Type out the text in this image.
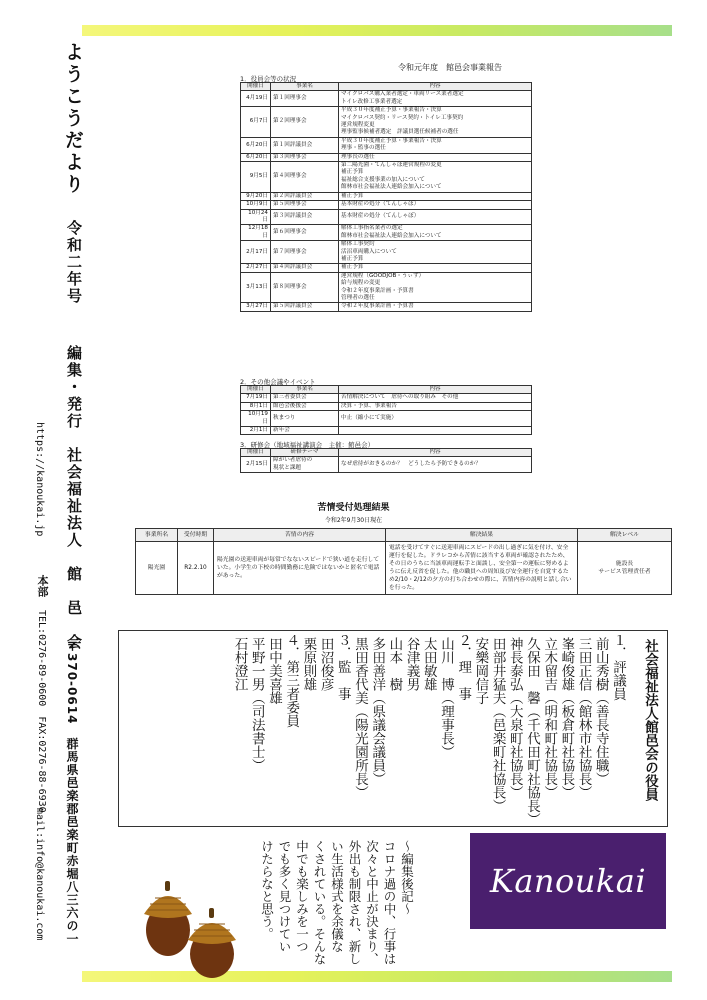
ようこうだより
令和二年号
編集・発行　社会福祉法人　館　邑　会
https://kanoukai.jp
本部
〒370-0614　群馬県邑楽郡邑楽町赤堀八三六の一
TEL:0276-89-0600　FAX:0276-88-6930
mail:info@kanoukai.com
令和元年度　館邑会事業報告
1．役員会等の状況
開催日	事業名	内容
4月19日	第１回理事会	マイクロバス購入業者選定・車両リース業者選定
トイレ改修工事業者選定

6月7日	第２回理事会	平成３０年度補正予算・事業報告・決算
マイクロバス契約・リース契約・トイレ工事契約
運営規程変更
理事監事候補者選定　評議員選任候補者の選任

6月20日	第１回評議員会	平成３０年度補正予算・事業報告・決算
理事・監事の選任

6月20日	第３回理事会	理事長の選任

9月5日	第４回理事会	第二陽光園・てんしゃぼ運営規程の変更
補正予算
福祉総合支援事業の加入について
館林市社会福祉法人連絡会加入について

9月20日	第２回評議員会	補正予算

10月9日	第５回理事会	基本財産の処分（てんしゃぼ）

10月24日	第３回評議員会	基本財産の処分（てんしゃぼ）

12月18日	第６回理事会	解体工事指名業者の選定
館林市社会福祉法人連絡会加入について

2月17日	第７回理事会	解体工事契約
活沼車両購入について
補正予算

2月27日	第４回評議員会	補正予算

3月13日	第８回理事会	運営規程（GOODJOB・うぃず）
給与規程の変更
令和２年度事業計画・予算書
管理者の選任

3月27日	第５回評議員会	令和２年度事業計画・予算書
2．その他会議やイベント
開催日	事業名	内容
7月19日	第三者委員会	苦情解決について　虐待への取り組み　その他
8月1日	館邑会後援会	決算・予算、事業報告
10月19日	秋まつり	中止（縮小にて実施）
2月1日	新年会	
3．研修会（地域福祉講演会　主催：館邑会）
開催日	研修テーマ	内容
2月15日	障がい者虐待の
現状と課題	なぜ虐待がおきるのか？　どうしたら予防できるのか？
苦情受付処理結果
令和2年9月30日現在
事業所名	受付時期	苦情の内容	解決結果	解決レベル
陽光園	R2.2.10	陽光園の送迎車両が毎常でなないスピードで狭い道を走行していた。小学生の下校の時間勤務に危険ではないかと匿名で電話があった。	電話を受けてすぐに送迎車両にスピードの出し過ぎに気を付け、安全運行を促した。ドラレコから苦情に該当する車両が確認されたため、その日のうちに当該車両運転手と面談し、安全第一の運転に努めるように伝え反省を促した。他の職員への周知及び安全運行を自覚するため2/10・2/12の夕方の打ち合わせの際に、苦情内容の説明と話し合いを行った。	施設長
サービス管理責任者
社会福祉法人館邑会の役員
１．評議員
前山秀樹（善長寺住職）
三田正信（館林市社協長）
峯崎俊雄（板倉町社協長）
立木留吉（明和町社協長）
久保田　馨（千代田町社協長）
神長泰弘（大泉町社協長）
田部井猛夫（邑楽町社協長）
安樂岡信子
２．理　事
山川　博（理事長）
太田敏雄
谷津義男
山本　樹
多田善洋（県議会議員）
黒田香代美（陽光園所長）
３．監　事
田沼俊彦
栗原則雄
４．第三者委員
田中美喜雄
平野一男（司法書士）
石村澄江
Kanoukai
～編集後記～
コロナ過の中、行事は
次々と中止が決まり、
外出も制限され、新し
い生活様式を余儀な
くされている。そんな
中でも楽しみを一つ
でも多く見つけてい
けたらなと思う。
